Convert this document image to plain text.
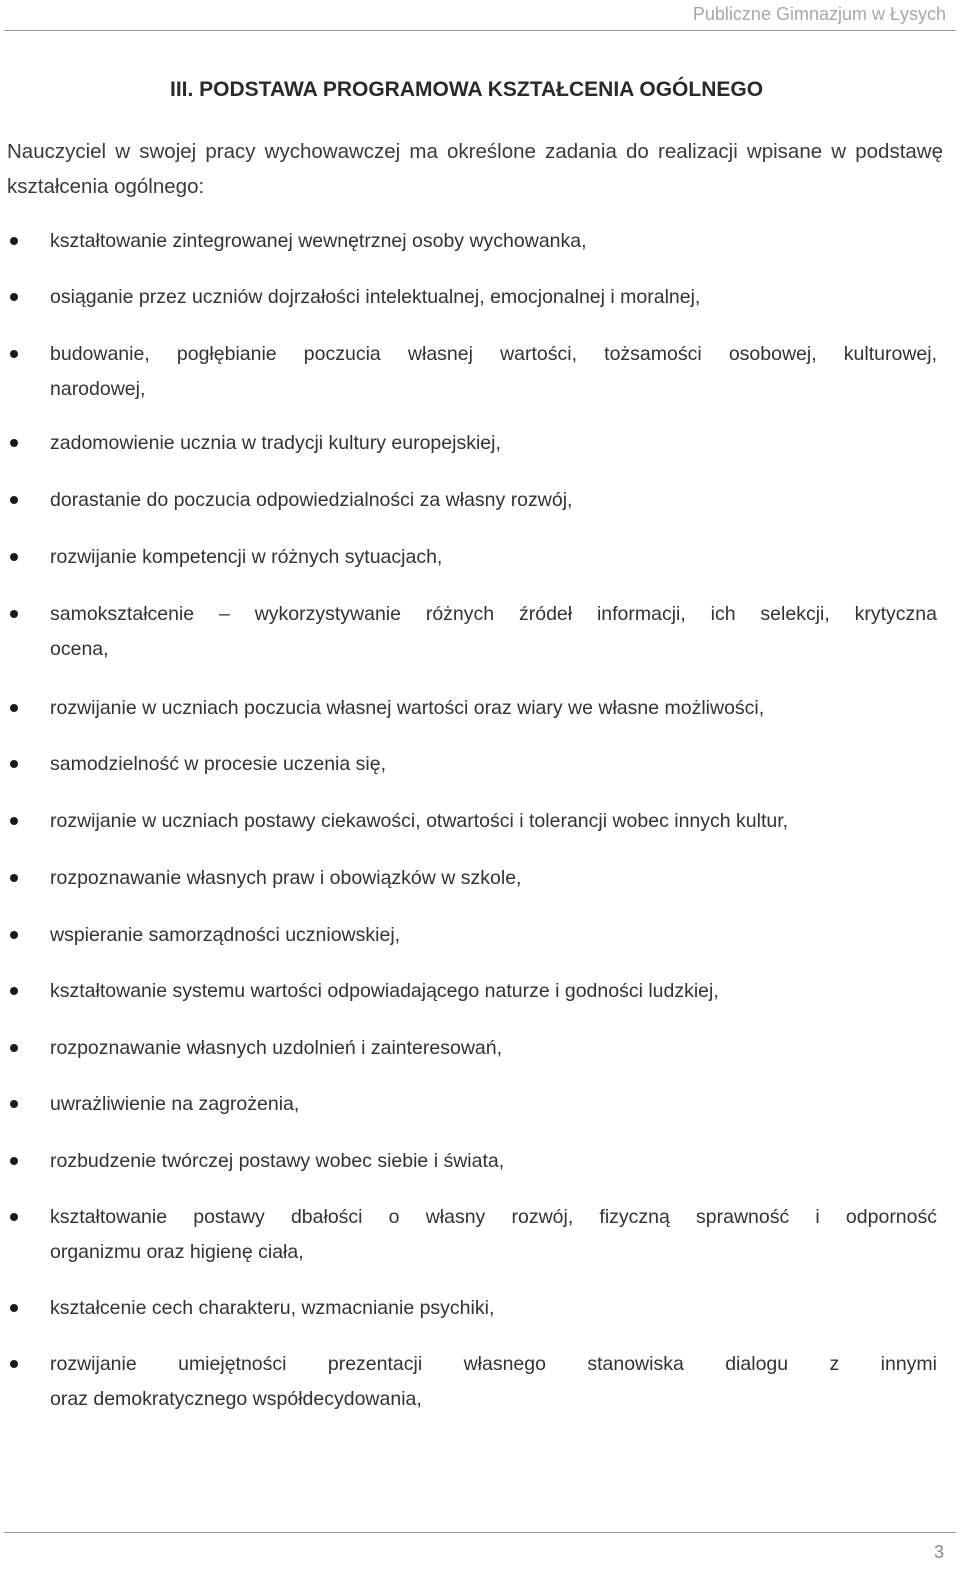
Publiczne Gimnazjum w Łysych
III. PODSTAWA PROGRAMOWA KSZTAŁCENIA OGÓLNEGO
Nauczyciel w swojej pracy wychowawczej ma określone zadania do realizacji wpisane w podstawę kształcenia ogólnego:
kształtowanie zintegrowanej wewnętrznej osoby wychowanka,
osiąganie przez uczniów dojrzałości intelektualnej, emocjonalnej i moralnej,
budowanie, pogłębianie poczucia własnej wartości, tożsamości osobowej, kulturowej,
narodowej,
zadomowienie ucznia w tradycji kultury europejskiej,
dorastanie do poczucia odpowiedzialności za własny rozwój,
rozwijanie kompetencji w różnych sytuacjach,
samokształcenie – wykorzystywanie różnych źródeł informacji, ich selekcji, krytyczna
ocena,
rozwijanie w uczniach poczucia własnej wartości oraz wiary we własne możliwości,
samodzielność w procesie uczenia się,
rozwijanie w uczniach postawy ciekawości, otwartości i tolerancji wobec innych kultur,
rozpoznawanie własnych praw i obowiązków w szkole,
wspieranie samorządności uczniowskiej,
kształtowanie systemu wartości odpowiadającego naturze i godności ludzkiej,
rozpoznawanie własnych uzdolnień i zainteresowań,
uwrażliwienie na zagrożenia,
rozbudzenie twórczej postawy wobec siebie i świata,
kształtowanie postawy dbałości o własny rozwój, fizyczną sprawność i odporność
organizmu oraz higienę ciała,
kształcenie cech charakteru, wzmacnianie psychiki,
rozwijanie umiejętności prezentacji własnego stanowiska dialogu z innymi
oraz demokratycznego współdecydowania,
3
